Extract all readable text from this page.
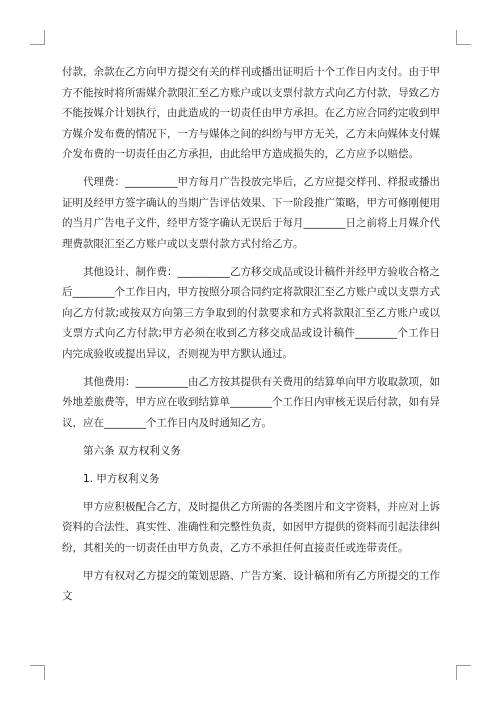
付款，余款在乙方向甲方提交有关的样刊或播出证明后十个工作日内支付。由于甲方不能按时将所需媒介款限汇至乙方账户或以支票付款方式向乙方付款，导致乙方不能按媒介计划执行，由此造成的一切责任由甲方承担。在乙方应合同约定收到甲方媒介发布费的情况下，一方与媒体之间的纠纷与甲方无关，乙方未向媒体支付媒介发布费的一切责任由乙方承担，由此给甲方造成损失的，乙方应予以赔偿。

代理费：__________甲方每月广告投放完毕后，乙方应提交样刊、样报或播出证明及经甲方签字确认的当期广告评估效果、下一阶段推广策略，甲方可修刚便用的当月广告电子文件，经甲方签字确认无误后于每月________日之前将上月媒介代理费款限汇至乙方账户或以支票付款方式付给乙方。

其他设计、制作费：__________乙方移交成品或设计稿件并经甲方验收合格之后________个工作日内，甲方按照分项合同约定将款限汇至乙方账户或以支票方式向乙方付款;或按双方向第三方争取到的付款要求和方式将款限汇至乙方账户或以支票方式向乙方付款;甲方必须在收到乙方移交成品或设计稿件________个工作日内完成验收或提出异议，否则视为甲方默认通过。

其他费用：__________由乙方按其提供有关费用的结算单向甲方收取款项，如外地差旅费等，甲方应在收到结算单________个工作日内审核无误后付款，如有异议，应在________个工作日内及时通知乙方。

第六条 双方权利义务

1. 甲方权利义务

甲方应积极配合乙方，及时提供乙方所需的各类图片和文字资料，并应对上诉资料的合法性、真实性、准确性和完整性负责，如因甲方提供的资料而引起法律纠纷，其相关的一切责任由甲方负责，乙方不承担任何直接责任或连带责任。

甲方有权对乙方提交的策划思路、广告方案、设计稿和所有乙方所提交的工作文
